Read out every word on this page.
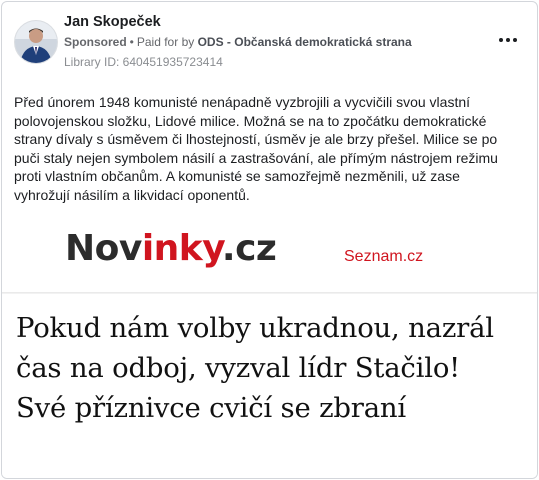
Jan Skopeček
Sponsored • Paid for by ODS - Občanská demokratická strana
Library ID: 640451935723414
Před únorem 1948 komunisté nenápadně vyzbrojili a vycvičili svou vlastní polovojenskou složku, Lidové milice. Možná se na to zpočátku demokratické strany dívaly s úsměvem či lhostejností, úsměv je ale brzy přešel. Milice se po puči staly nejen symbolem násilí a zastrašování, ale přímým nástrojem režimu proti vlastním občanům. A komunisté se samozřejmě nezměnili, už zase vyhrožují násilím a likvidací oponentů.
Novinky.cz	Seznam.cz
Pokud nám volby ukradnou, nazrál
čas na odboj, vyzval lídr Stačilo!
Své příznivce cvičí se zbraní
